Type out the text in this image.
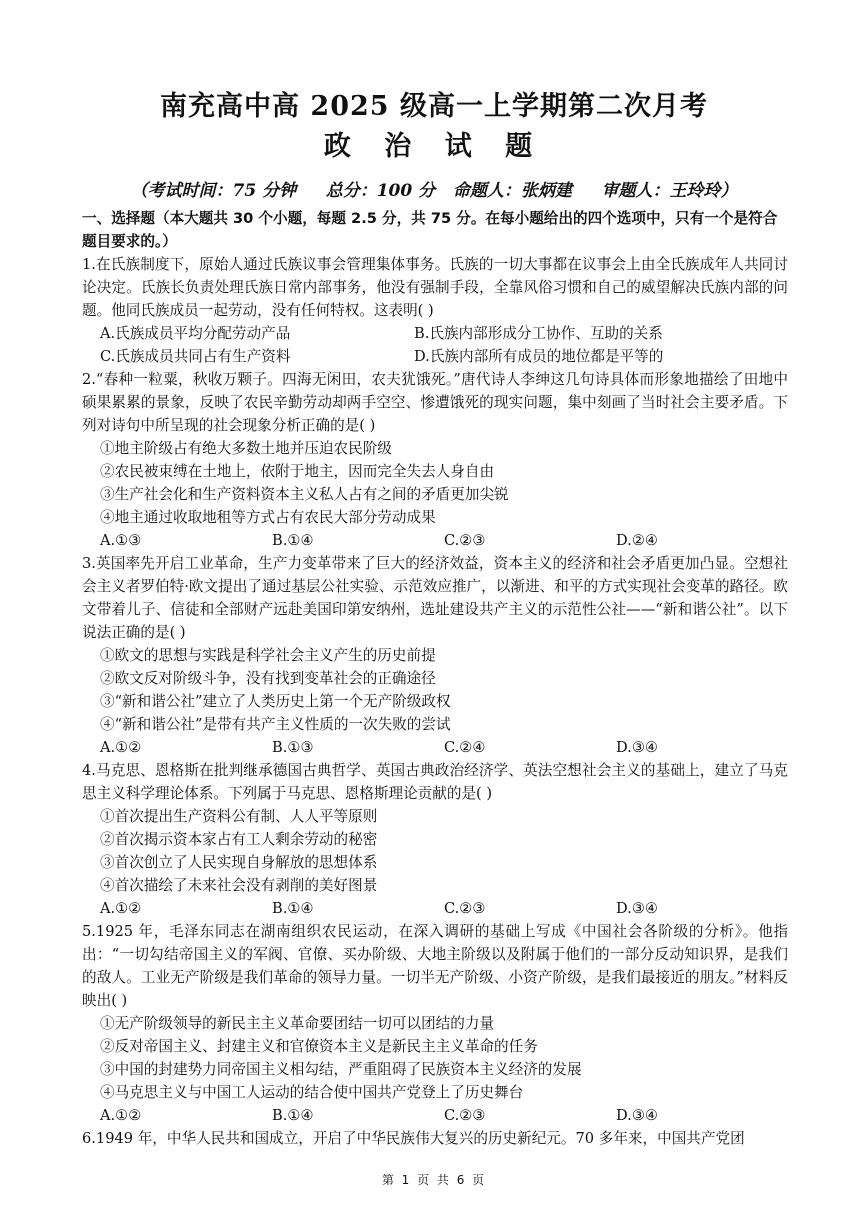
南充高中高 2025 级高一上学期第二次月考
政 治 试 题
（考试时间：75 分钟     总分：100 分   命题人：张炳建     审题人：王玲玲）
一、选择题（本大题共 30 个小题，每题 2.5 分，共 75 分。在每小题给出的四个选项中，只有一个是符合题目要求的。）
1.在氏族制度下，原始人通过氏族议事会管理集体事务。氏族的一切大事都在议事会上由全氏族成年人共同讨论决定。氏族长负责处理氏族日常内部事务，他没有强制手段，全靠风俗习惯和自己的威望解决氏族内部的问题。他同氏族成员一起劳动，没有任何特权。这表明( )
A.氏族成员平均分配劳动产品	B.氏族内部形成分工协作、互助的关系
C.氏族成员共同占有生产资料	D.氏族内部所有成员的地位都是平等的
2.“春种一粒粟，秋收万颗子。四海无闲田，农夫犹饿死。”唐代诗人李绅这几句诗具体而形象地描绘了田地中硕果累累的景象，反映了农民辛勤劳动却两手空空、惨遭饿死的现实问题，集中刻画了当时社会主要矛盾。下列对诗句中所呈现的社会现象分析正确的是( )
①地主阶级占有绝大多数土地并压迫农民阶级
②农民被束缚在土地上，依附于地主，因而完全失去人身自由
③生产社会化和生产资料资本主义私人占有之间的矛盾更加尖锐
④地主通过收取地租等方式占有农民大部分劳动成果
A.①③	B.①④	C.②③	D.②④
3.英国率先开启工业革命，生产力变革带来了巨大的经济效益，资本主义的经济和社会矛盾更加凸显。空想社会主义者罗伯特·欧文提出了通过基层公社实验、示范效应推广，以渐进、和平的方式实现社会变革的路径。欧文带着儿子、信徒和全部财产远赴美国印第安纳州，选址建设共产主义的示范性公社——“新和谐公社”。以下说法正确的是( )
①欧文的思想与实践是科学社会主义产生的历史前提
②欧文反对阶级斗争，没有找到变革社会的正确途径
③“新和谐公社”建立了人类历史上第一个无产阶级政权
④“新和谐公社”是带有共产主义性质的一次失败的尝试
A.①②	B.①③	C.②④	D.③④
4.马克思、恩格斯在批判继承德国古典哲学、英国古典政治经济学、英法空想社会主义的基础上，建立了马克思主义科学理论体系。下列属于马克思、恩格斯理论贡献的是( )
①首次提出生产资料公有制、人人平等原则
②首次揭示资本家占有工人剩余劳动的秘密
③首次创立了人民实现自身解放的思想体系
④首次描绘了未来社会没有剥削的美好图景
A.①②	B.①④	C.②③	D.③④
5.1925 年，毛泽东同志在湖南组织农民运动，在深入调研的基础上写成《中国社会各阶级的分析》。他指出：“一切勾结帝国主义的军阀、官僚、买办阶级、大地主阶级以及附属于他们的一部分反动知识界，是我们的敌人。工业无产阶级是我们革命的领导力量。一切半无产阶级、小资产阶级，是我们最接近的朋友。”材料反映出( )
①无产阶级领导的新民主主义革命要团结一切可以团结的力量
②反对帝国主义、封建主义和官僚资本主义是新民主主义革命的任务
③中国的封建势力同帝国主义相勾结，严重阻碍了民族资本主义经济的发展
④马克思主义与中国工人运动的结合使中国共产党登上了历史舞台
A.①②	B.①④	C.②③	D.③④
6.1949 年，中华人民共和国成立，开启了中华民族伟大复兴的历史新纪元。70 多年来，中国共产党团
第 1 页 共 6 页
